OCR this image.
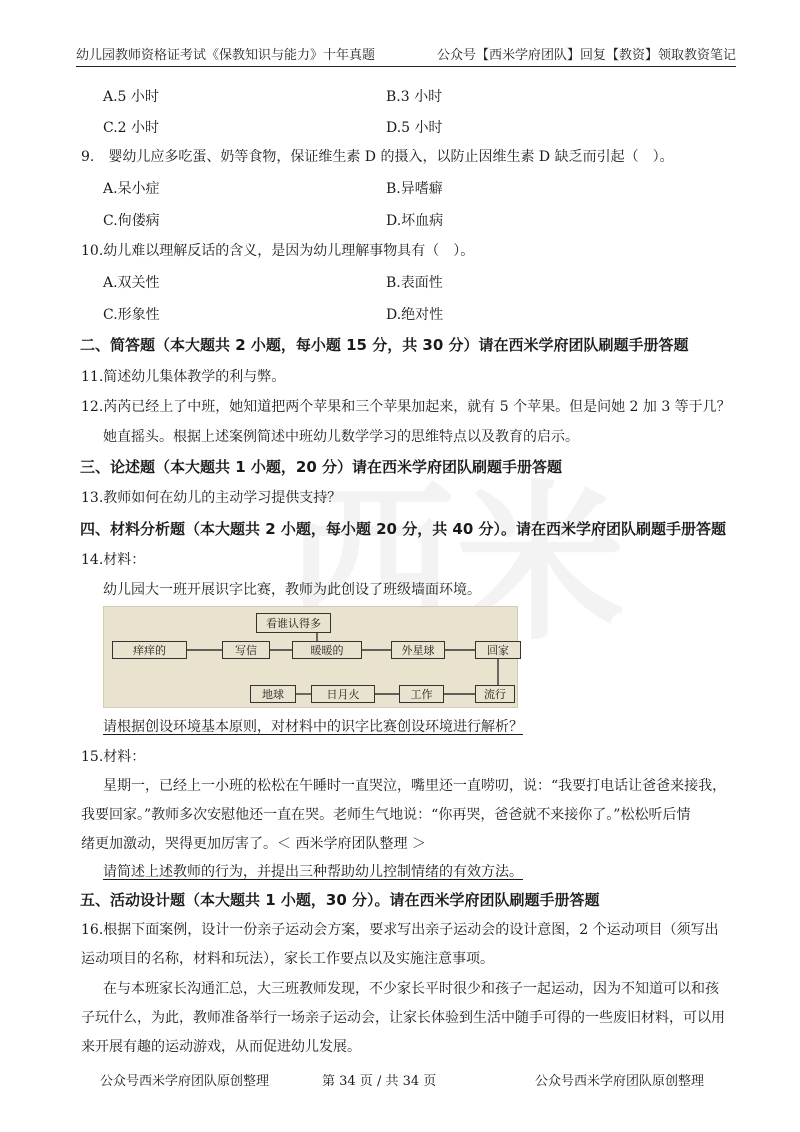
幼儿园教师资格证考试《保教知识与能力》十年真题	公众号【西米学府团队】回复【教资】领取教资笔记
A.5 小时	B.3 小时
C.2 小时	D.5 小时
9.　婴幼儿应多吃蛋、奶等食物，保证维生素 D 的摄入，以防止因维生素 D 缺乏而引起（　）。
A.呆小症	B.异嗜癖
C.佝偻病	D.坏血病
10.幼儿难以理解反话的含义，是因为幼儿理解事物具有（　）。
A.双关性	B.表面性
C.形象性	D.绝对性
二、简答题（本大题共 2 小题，每小题 15 分，共 30 分）请在西米学府团队刷题手册答题
11.简述幼儿集体教学的利与弊。
12.芮芮已经上了中班，她知道把两个苹果和三个苹果加起来，就有 5 个苹果。但是问她 2 加 3 等于几？
她直摇头。根据上述案例简述中班幼儿数学学习的思维特点以及教育的启示。
三、论述题（本大题共 1 小题，20 分）请在西米学府团队刷题手册答题
13.教师如何在幼儿的主动学习提供支持？
四、材料分析题（本大题共 2 小题，每小题 20 分，共 40 分）。请在西米学府团队刷题手册答题
14.材料：
幼儿园大一班开展识字比赛，教师为此创设了班级墙面环境。
看谁认得多
痒痒的	写信	暖暖的	外星球	回家
地球	日月火	工作	流行
请根据创设环境基本原则，对材料中的识字比赛创设环境进行解析？
15.材料：
星期一，已经上一小班的松松在午睡时一直哭泣，嘴里还一直唠叨，说：“我要打电话让爸爸来接我，
我要回家。”教师多次安慰他还一直在哭。老师生气地说：“你再哭，爸爸就不来接你了。”松松听后情
绪更加激动，哭得更加厉害了。＜ 西米学府团队整理 ＞
请简述上述教师的行为，并提出三种帮助幼儿控制情绪的有效方法。
五、活动设计题（本大题共 1 小题，30 分）。请在西米学府团队刷题手册答题
16.根据下面案例，设计一份亲子运动会方案，要求写出亲子运动会的设计意图，2 个运动项目（须写出
运动项目的名称，材料和玩法），家长工作要点以及实施注意事项。
在与本班家长沟通汇总，大三班教师发现，不少家长平时很少和孩子一起运动，因为不知道可以和孩
子玩什么，为此，教师准备举行一场亲子运动会，让家长体验到生活中随手可得的一些废旧材料，可以用
来开展有趣的运动游戏，从而促进幼儿发展。
公众号西米学府团队原创整理	第 34 页 / 共 34 页	公众号西米学府团队原创整理
